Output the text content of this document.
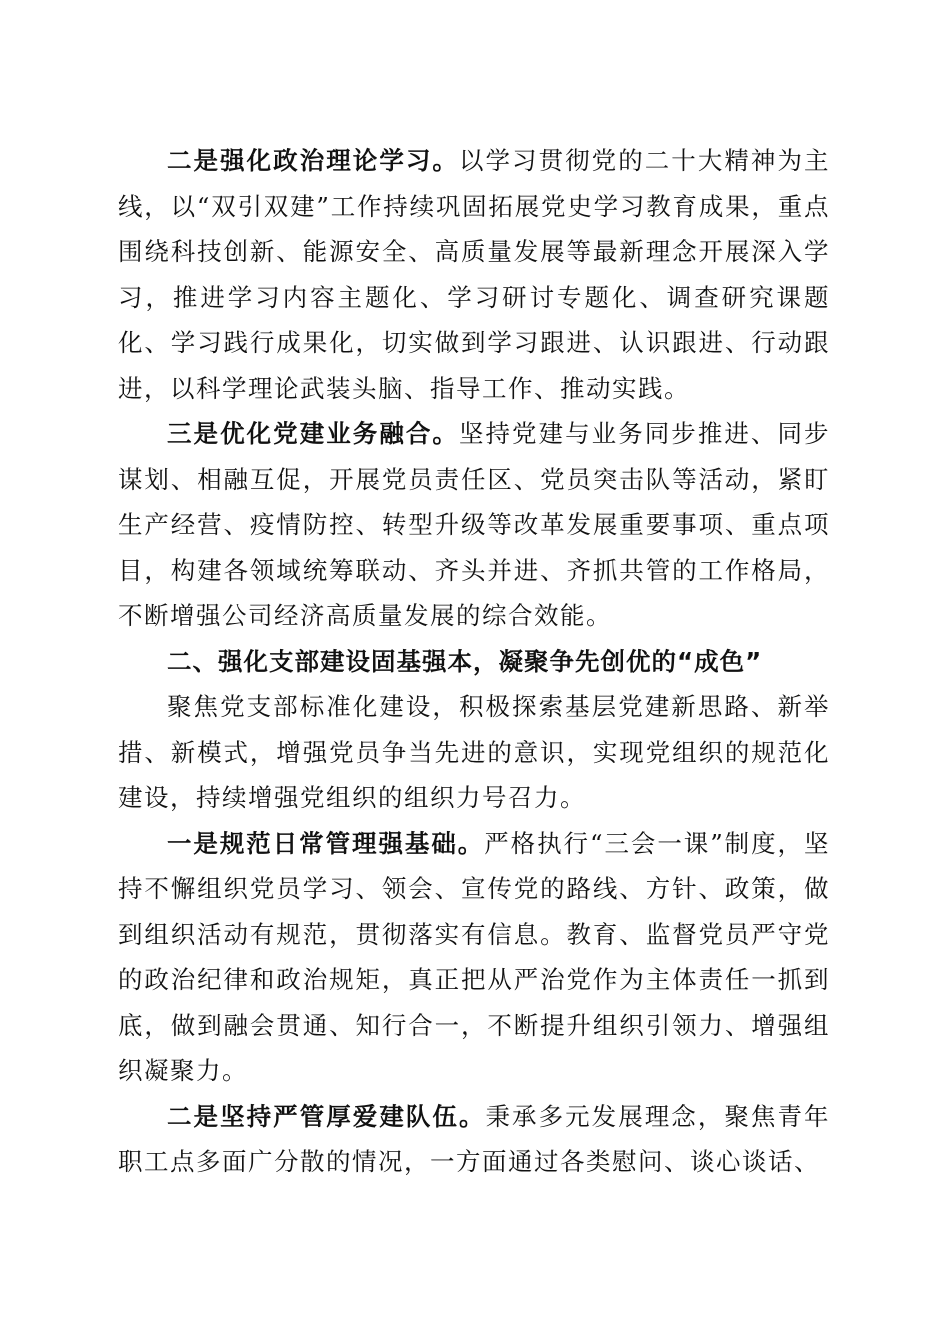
二是强化政治理论学习。以学习贯彻党的二十大精神为主线，以“双引双建”工作持续巩固拓展党史学习教育成果，重点围绕科技创新、能源安全、高质量发展等最新理念开展深入学习，推进学习内容主题化、学习研讨专题化、调查研究课题化、学习践行成果化，切实做到学习跟进、认识跟进、行动跟进，以科学理论武装头脑、指导工作、推动实践。

三是优化党建业务融合。坚持党建与业务同步推进、同步谋划、相融互促，开展党员责任区、党员突击队等活动，紧盯生产经营、疫情防控、转型升级等改革发展重要事项、重点项目，构建各领域统筹联动、齐头并进、齐抓共管的工作格局，不断增强公司经济高质量发展的综合效能。

二、强化支部建设固基强本，凝聚争先创优的“成色”

聚焦党支部标准化建设，积极探索基层党建新思路、新举措、新模式，增强党员争当先进的意识，实现党组织的规范化建设，持续增强党组织的组织力号召力。

一是规范日常管理强基础。严格执行“三会一课”制度，坚持不懈组织党员学习、领会、宣传党的路线、方针、政策，做到组织活动有规范，贯彻落实有信息。教育、监督党员严守党的政治纪律和政治规矩，真正把从严治党作为主体责任一抓到底，做到融会贯通、知行合一，不断提升组织引领力、增强组织凝聚力。

二是坚持严管厚爱建队伍。秉承多元发展理念，聚焦青年职工点多面广分散的情况，一方面通过各类慰问、谈心谈话、
